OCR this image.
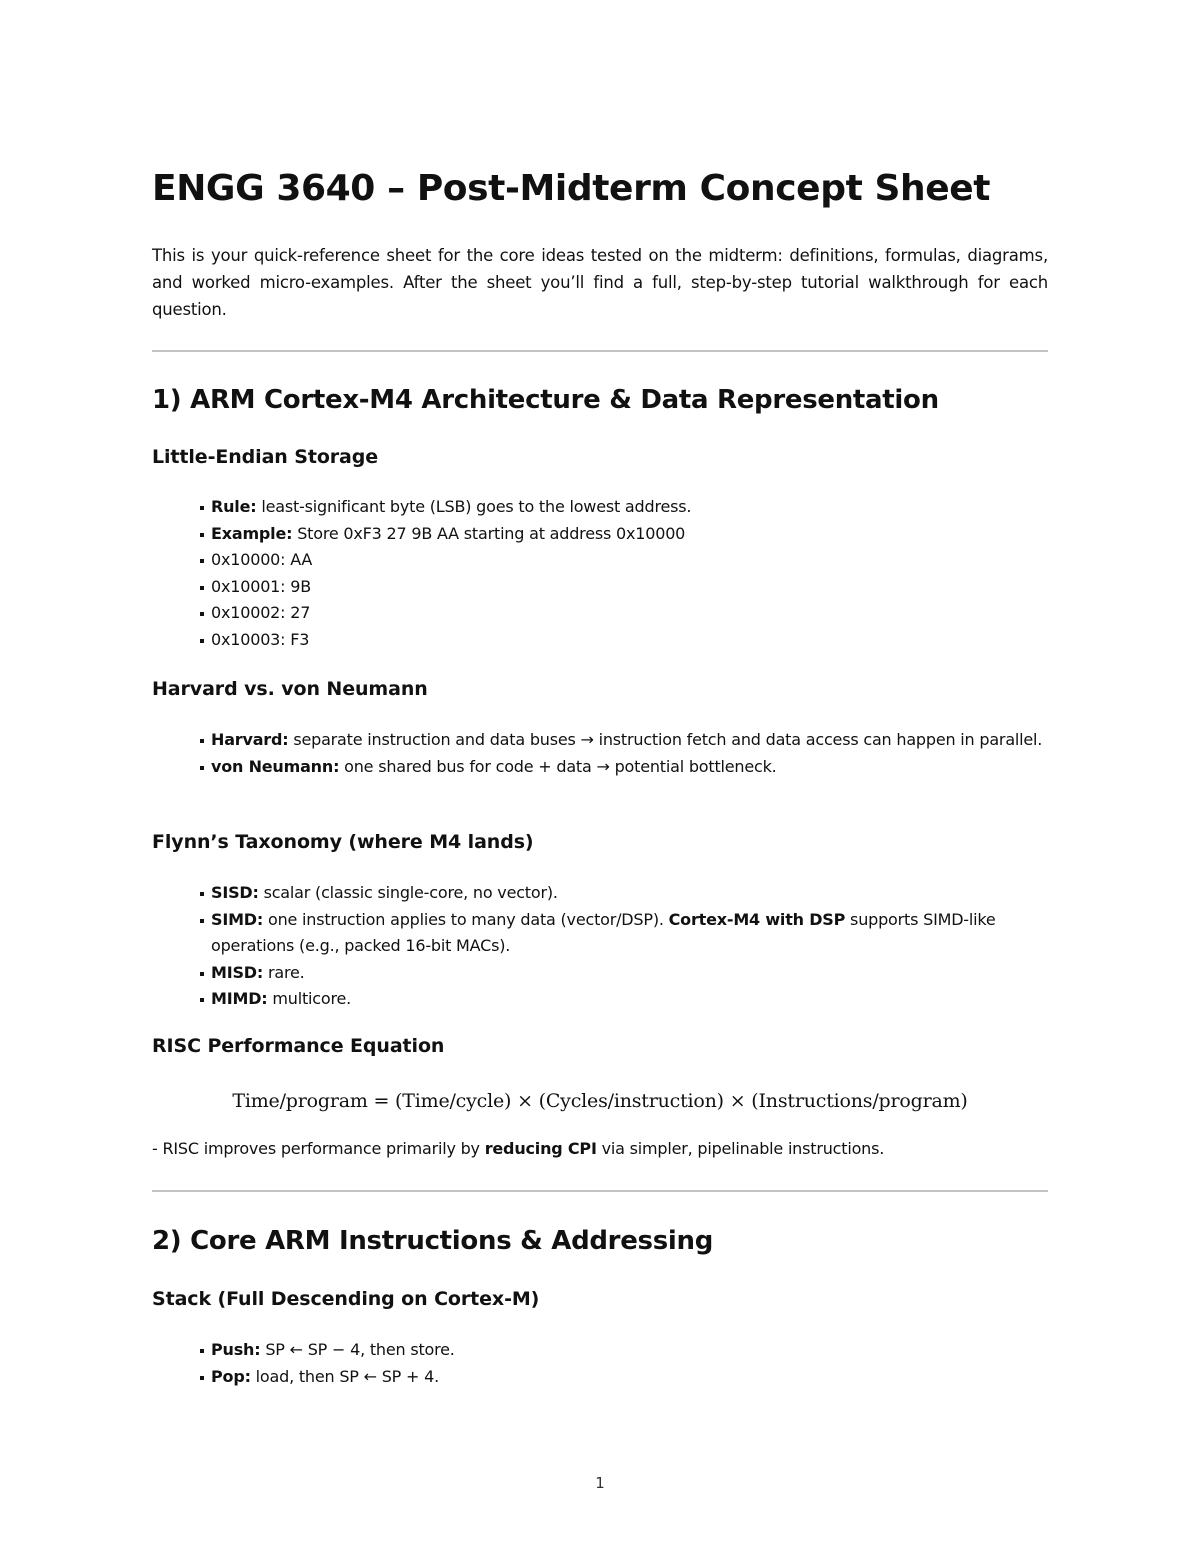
ENGG 3640 – Post-Midterm Concept Sheet

This is your quick-reference sheet for the core ideas tested on the midterm: definitions, formulas, diagrams, and worked micro-examples. After the sheet you’ll find a full, step-by-step tutorial walkthrough for each question.

1) ARM Cortex-M4 Architecture & Data Representation
Little-Endian Storage
Rule: least-significant byte (LSB) goes to the lowest address.
Example: Store 0xF3 27 9B AA starting at address 0x10000
0x10000: AA
0x10001: 9B
0x10002: 27
0x10003: F3
Harvard vs. von Neumann
Harvard: separate instruction and data buses → instruction fetch and data access can happen in parallel.
von Neumann: one shared bus for code + data → potential bottleneck.
Flynn’s Taxonomy (where M4 lands)
SISD: scalar (classic single-core, no vector).
SIMD: one instruction applies to many data (vector/DSP). Cortex-M4 with DSP supports SIMD-like operations (e.g., packed 16-bit MACs).
MISD: rare.
MIMD: multicore.
RISC Performance Equation
Time/program = (Time/cycle) × (Cycles/instruction) × (Instructions/program)

- RISC improves performance primarily by reducing CPI via simpler, pipelinable instructions.

2) Core ARM Instructions & Addressing
Stack (Full Descending on Cortex-M)
Push: SP ← SP − 4, then store.
Pop: load, then SP ← SP + 4.
1
